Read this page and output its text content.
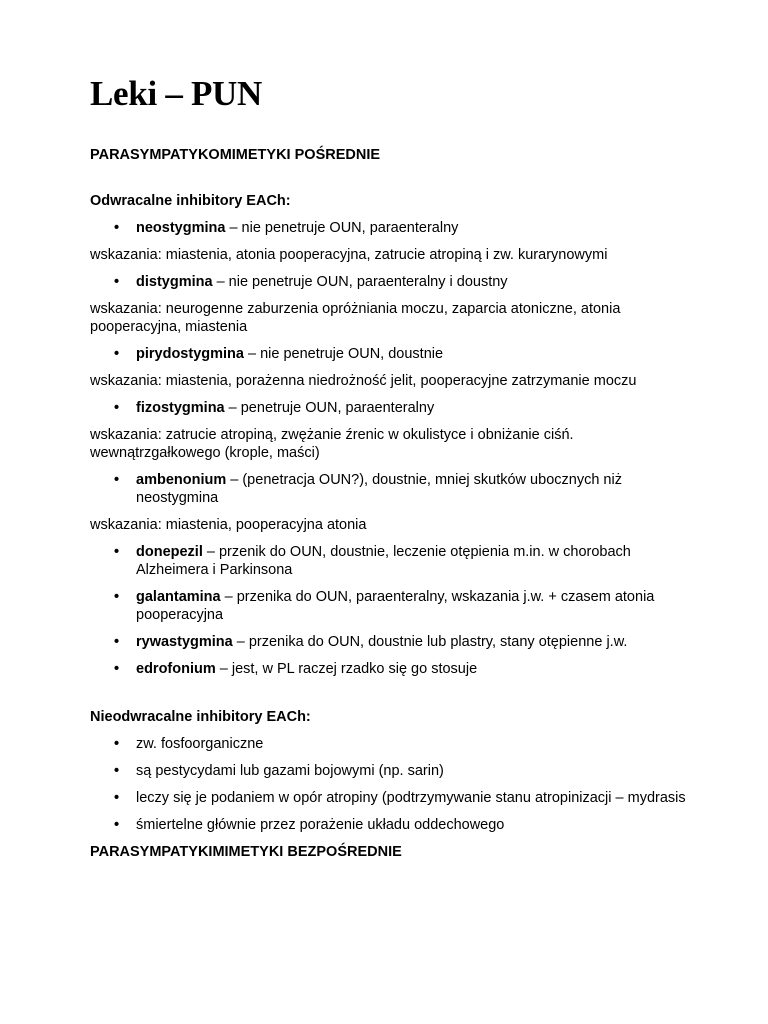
Leki – PUN

PARASYMPATYKOMIMETYKI POŚREDNIE

Odwracalne inhibitory EACh:

• neostygmina – nie penetruje OUN, paraenteralny

wskazania: miastenia, atonia pooperacyjna, zatrucie atropiną i zw. kurarynowymi

• distygmina – nie penetruje OUN, paraenteralny i doustny

wskazania: neurogenne zaburzenia opróżniania moczu, zaparcia atoniczne, atonia pooperacyjna, miastenia

• pirydostygmina – nie penetruje OUN, doustnie

wskazania: miastenia, porażenna niedrożność jelit, pooperacyjne zatrzymanie moczu

• fizostygmina – penetruje OUN, paraenteralny

wskazania: zatrucie atropiną, zwężanie źrenic w okulistyce i obniżanie ciśń. wewnątrzgałkowego (krople, maści)

• ambenonium – (penetracja OUN?), doustnie, mniej skutków ubocznych niż neostygmina

wskazania: miastenia, pooperacyjna atonia

• donepezil – przenik do OUN, doustnie, leczenie otępienia m.in. w chorobach Alzheimera i Parkinsona
• galantamina – przenika do OUN, paraenteralny, wskazania j.w. + czasem atonia pooperacyjna
• rywastygmina – przenika do OUN, doustnie lub plastry, stany otępienne j.w.
• edrofonium – jest, w PL raczej rzadko się go stosuje

Nieodwracalne inhibitory EACh:

• zw. fosfoorganiczne
• są pestycydami lub gazami bojowymi (np. sarin)
• leczy się je podaniem w opór atropiny (podtrzymywanie stanu atropinizacji – mydrasis
• śmiertelne głównie przez porażenie układu oddechowego

PARASYMPATYKIMIMETYKI BEZPOŚREDNIE
